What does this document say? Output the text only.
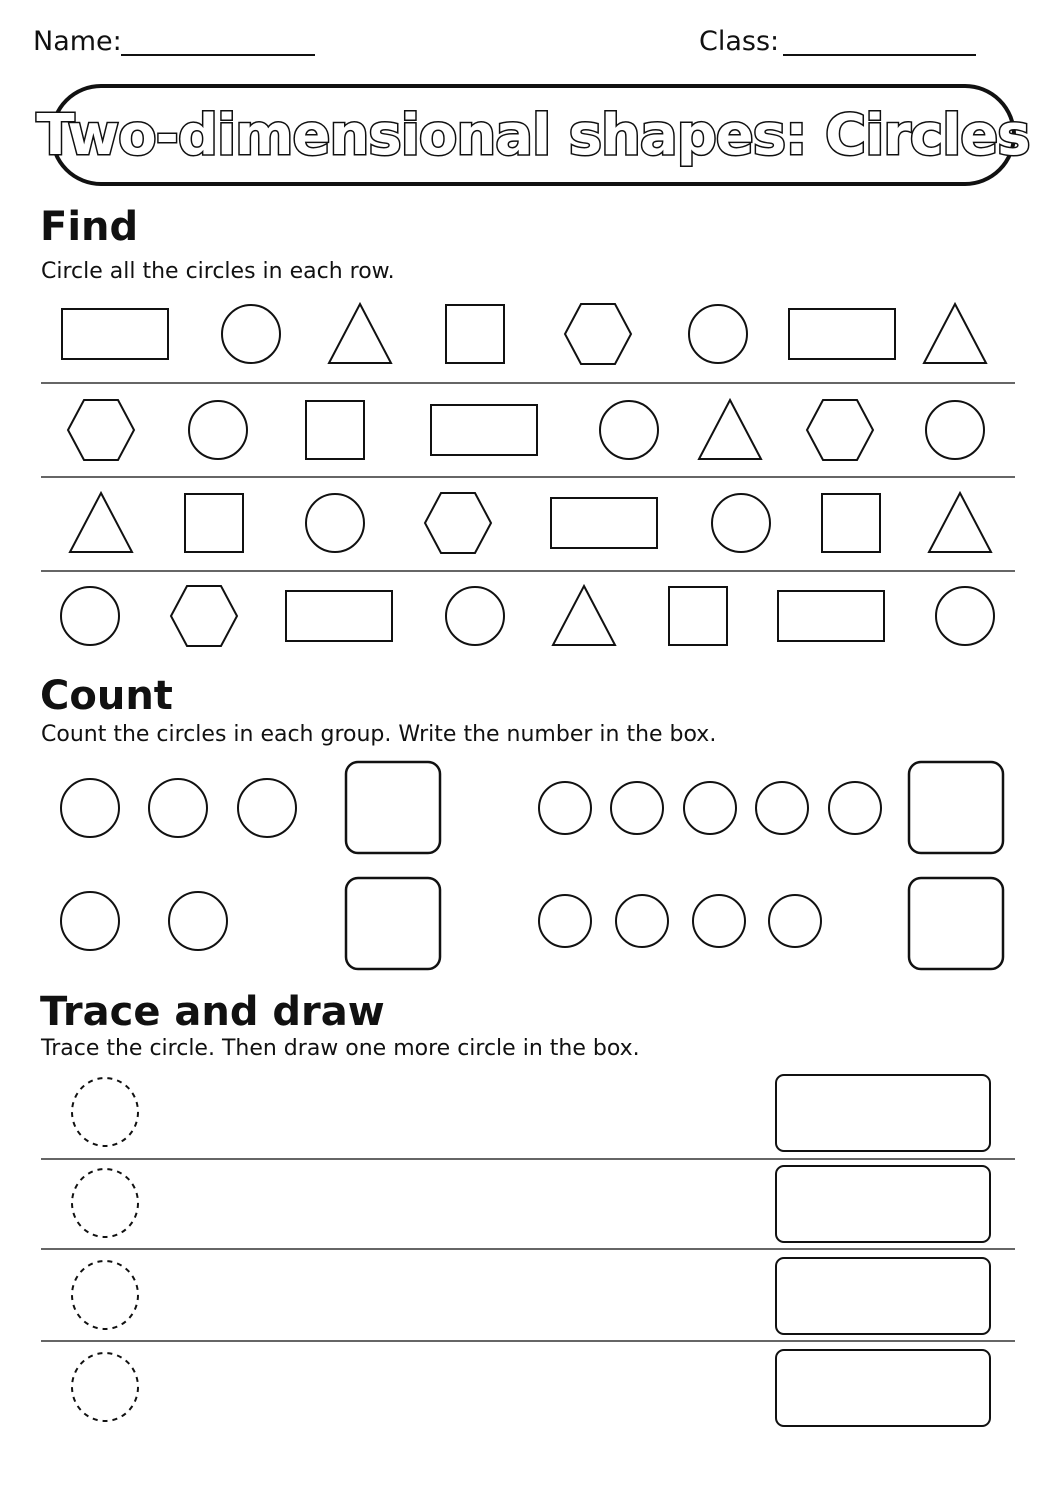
Name:	Class:
Two-dimensional shapes: Circles
Find
Circle all the circles in each row.
Count
Count the circles in each group. Write the number in the box.
Trace and draw
Trace the circle. Then draw one more circle in the box.
